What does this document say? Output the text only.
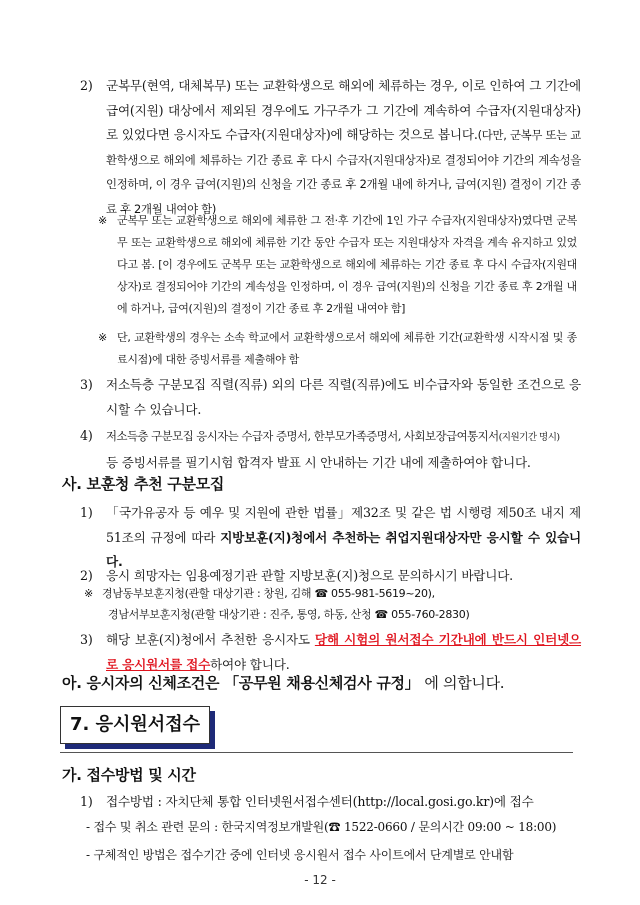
2)	군복무(현역, 대체복무) 또는 교환학생으로 해외에 체류하는 경우, 이로 인하여 그 기간에 급여(지원) 대상에서 제외된 경우에도 가구주가 그 기간에 계속하여 수급자(지원대상자)로 있었다면 응시자도 수급자(지원대상자)에 해당하는 것으로 봅니다.(다만, 군복무 또는 교환학생으로 해외에 체류하는 기간 종료 후 다시 수급자(지원대상자)로 결정되어야 기간의 계속성을 인정하며, 이 경우 급여(지원)의 신청을 기간 종료 후 2개월 내에 하거나, 급여(지원) 결정이 기간 종료 후 2개월 내여야 함)
※ 군복무 또는 교환학생으로 해외에 체류한 그 전·후 기간에 1인 가구 수급자(지원대상자)였다면 군복무 또는 교환학생으로 해외에 체류한 기간 동안 수급자 또는 지원대상자 자격을 계속 유지하고 있었다고 봄. [이 경우에도 군복무 또는 교환학생으로 해외에 체류하는 기간 종료 후 다시 수급자(지원대상자)로 결정되어야 기간의 계속성을 인정하며, 이 경우 급여(지원)의 신청을 기간 종료 후 2개월 내에 하거나, 급여(지원)의 결정이 기간 종료 후 2개월 내여야 함]
※ 단, 교환학생의 경우는 소속 학교에서 교환학생으로서 해외에 체류한 기간(교환학생 시작시점 및 종료시점)에 대한 증빙서류를 제출해야 함
3)	저소득층 구분모집 직렬(직류) 외의 다른 직렬(직류)에도 비수급자와 동일한 조건으로 응시할 수 있습니다.
4)	저소득층 구분모집 응시자는 수급자 증명서, 한부모가족증명서, 사회보장급여통지서(지원기간 명시)
등 증빙서류를 필기시험 합격자 발표 시 안내하는 기간 내에 제출하여야 합니다.
사. 보훈청 추천 구분모집
1)	「국가유공자 등 예우 및 지원에 관한 법률」제32조 및 같은 법 시행령 제50조 내지 제51조의 규정에 따라 지방보훈(지)청에서 추천하는 취업지원대상자만 응시할 수 있습니다.
2)	응시 희망자는 임용예정기관 관할 지방보훈(지)청으로 문의하시기 바랍니다.
※ 경남동부보훈지청(관할 대상기관 : 창원, 김해 ☎ 055-981-5619~20),
경남서부보훈지청(관할 대상기관 : 진주, 통영, 하동, 산청 ☎ 055-760-2830)
3)	해당 보훈(지)청에서 추천한 응시자도 당해 시험의 원서접수 기간내에 반드시 인터넷으로 응시원서를 접수하여야 합니다.
아. 응시자의 신체조건은 「공무원 채용신체검사 규정」 에 의합니다.
7. 응시원서접수
가. 접수방법 및 시간
1)	접수방법 : 자치단체 통합 인터넷원서접수센터(http://local.gosi.go.kr)에 접수
- 접수 및 취소 관련 문의 : 한국지역정보개발원(☎ 1522-0660 / 문의시간 09:00 ~ 18:00)
- 구체적인 방법은 접수기간 중에 인터넷 응시원서 접수 사이트에서 단계별로 안내함
- 12 -
